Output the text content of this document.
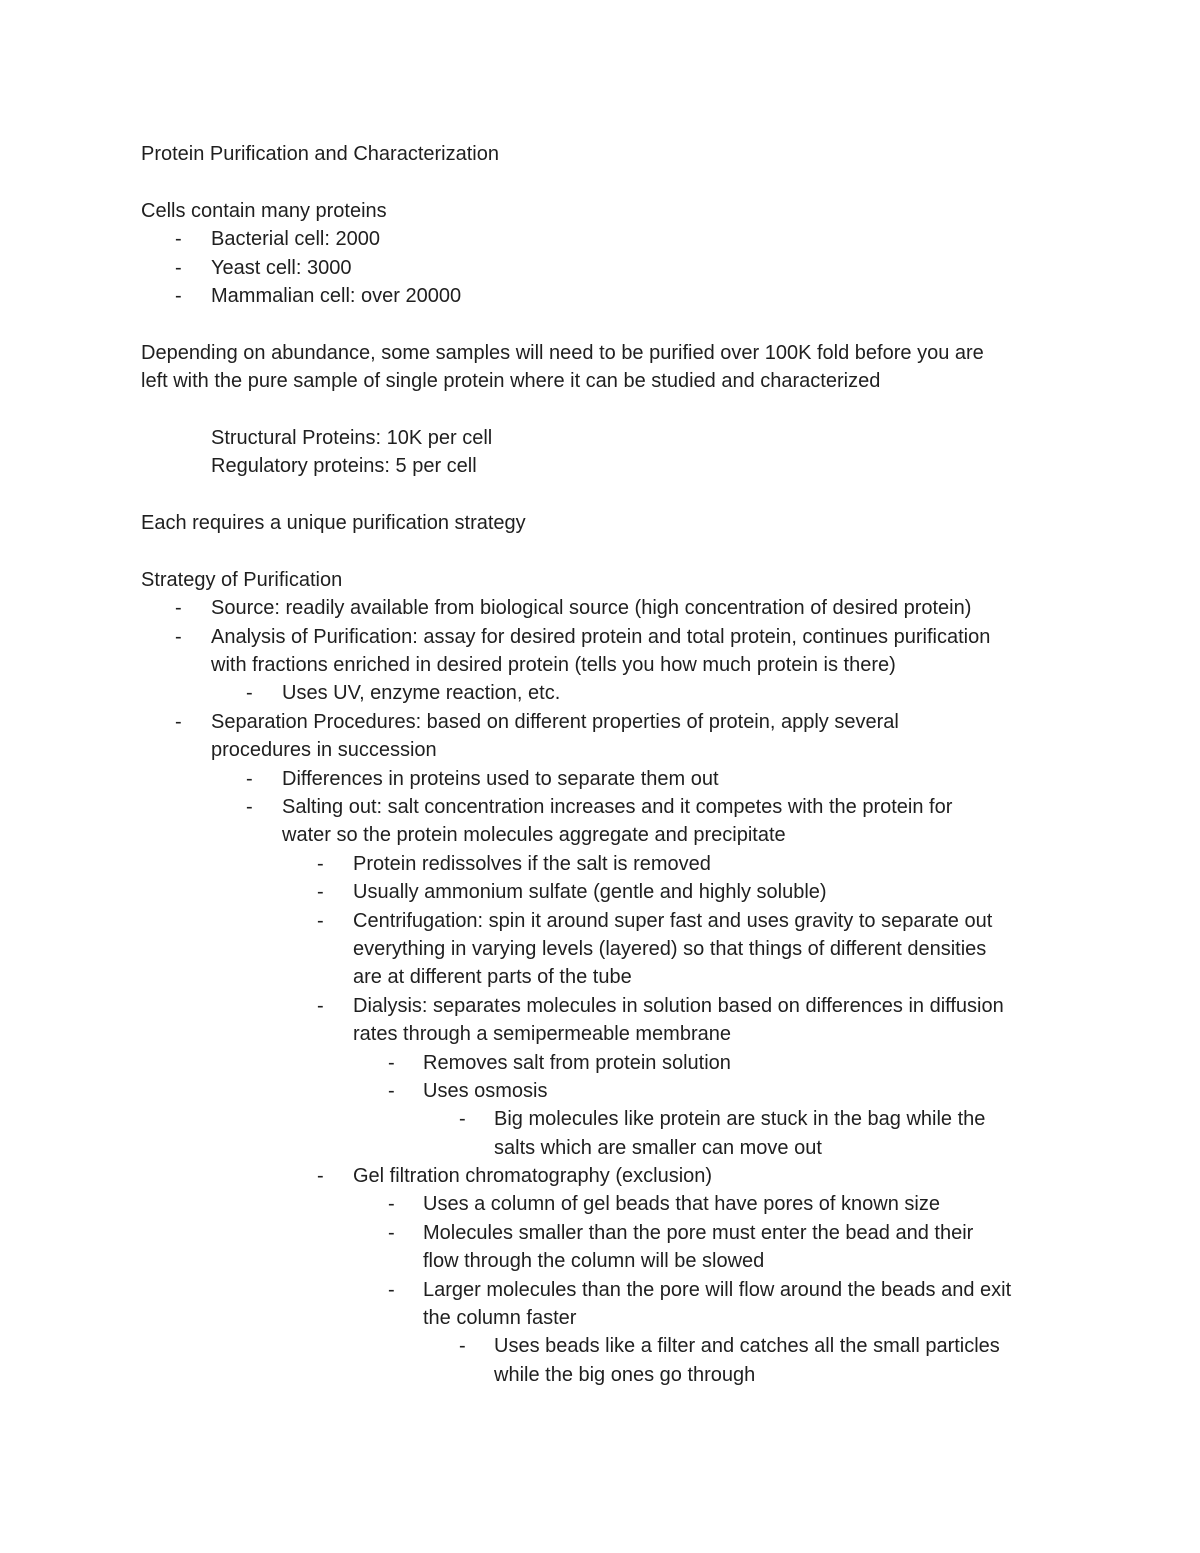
Protein Purification and Characterization
Cells contain many proteins
- Bacterial cell: 2000
- Yeast cell: 3000
- Mammalian cell: over 20000
Depending on abundance, some samples will need to be purified over 100K fold before you are
left with the pure sample of single protein where it can be studied and characterized
Structural Proteins: 10K per cell
Regulatory proteins: 5 per cell
Each requires a unique purification strategy
Strategy of Purification
- Source: readily available from biological source (high concentration of desired protein)
- Analysis of Purification: assay for desired protein and total protein, continues purification
with fractions enriched in desired protein (tells you how much protein is there)
- Uses UV, enzyme reaction, etc.
- Separation Procedures: based on different properties of protein, apply several
procedures in succession
- Differences in proteins used to separate them out
- Salting out: salt concentration increases and it competes with the protein for
water so the protein molecules aggregate and precipitate
- Protein redissolves if the salt is removed
- Usually ammonium sulfate (gentle and highly soluble)
- Centrifugation: spin it around super fast and uses gravity to separate out
everything in varying levels (layered) so that things of different densities
are at different parts of the tube
- Dialysis: separates molecules in solution based on differences in diffusion
rates through a semipermeable membrane
- Removes salt from protein solution
- Uses osmosis
- Big molecules like protein are stuck in the bag while the
salts which are smaller can move out
- Gel filtration chromatography (exclusion)
- Uses a column of gel beads that have pores of known size
- Molecules smaller than the pore must enter the bead and their
flow through the column will be slowed
- Larger molecules than the pore will flow around the beads and exit
the column faster
- Uses beads like a filter and catches all the small particles
while the big ones go through
